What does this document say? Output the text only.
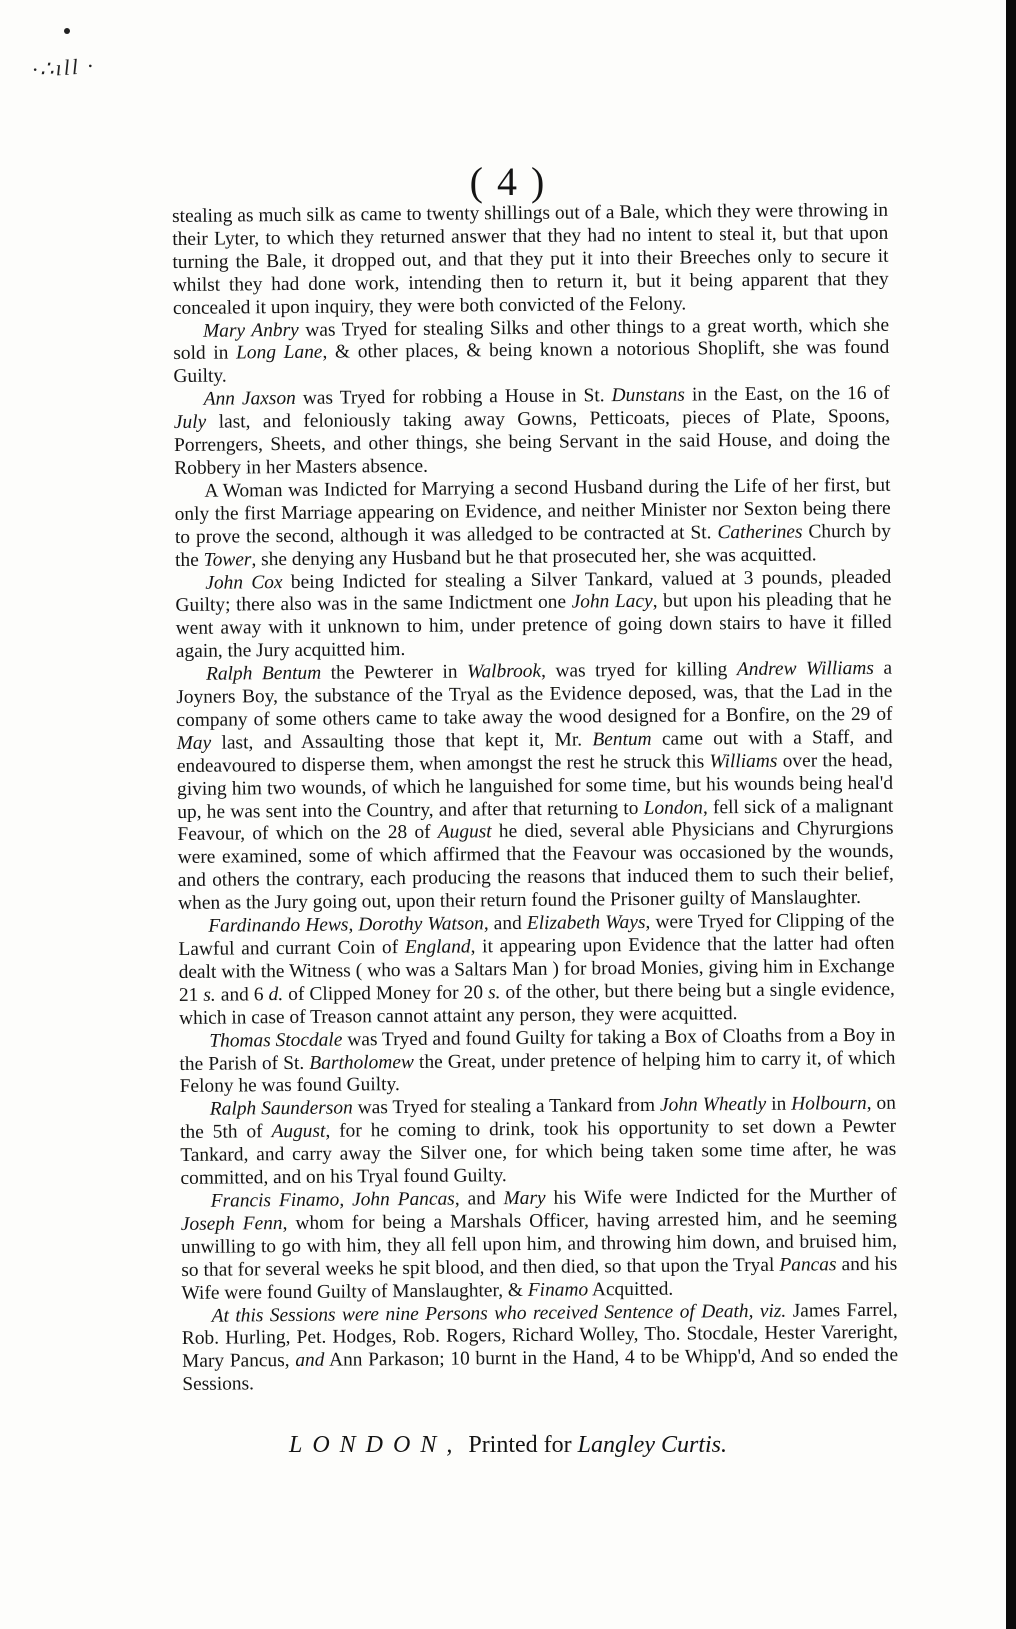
·∴ıll ·
( 4 )

stealing as much silk as came to twenty shillings out of a Bale, which they were throwing in their Lyter, to which they returned answer that they had no intent to steal it, but that upon turning the Bale, it dropped out, and that they put it into their Breeches only to secure it whilst they had done work, intending then to return it, but it being apparent that they concealed it upon inquiry, they were both convicted of the Felony.

Mary Anbry was Tryed for stealing Silks and other things to a great worth, which she sold in Long Lane, & other places, & being known a notorious Shoplift, she was found Guilty.

Ann Jaxson was Tryed for robbing a House in St. Dunstans in the East, on the 16 of July last, and feloniously taking away Gowns, Petticoats, pieces of Plate, Spoons, Porrengers, Sheets, and other things, she being Servant in the said House, and doing the Robbery in her Masters absence.

A Woman was Indicted for Marrying a second Husband during the Life of her first, but only the first Marriage appearing on Evidence, and neither Minister nor Sexton being there to prove the second, although it was alledged to be contracted at St. Catherines Church by the Tower, she denying any Husband but he that prosecuted her, she was acquitted.

John Cox being Indicted for stealing a Silver Tankard, valued at 3 pounds, pleaded Guilty; there also was in the same Indictment one John Lacy, but upon his pleading that he went away with it unknown to him, under pretence of going down stairs to have it filled again, the Jury acquitted him.

Ralph Bentum the Pewterer in Walbrook, was tryed for killing Andrew Williams a Joyners Boy, the substance of the Tryal as the Evidence deposed, was, that the Lad in the company of some others came to take away the wood designed for a Bonfire, on the 29 of May last, and Assaulting those that kept it, Mr. Bentum came out with a Staff, and endeavoured to disperse them, when amongst the rest he struck this Williams over the head, giving him two wounds, of which he languished for some time, but his wounds being heal'd up, he was sent into the Country, and after that returning to London, fell sick of a malignant Feavour, of which on the 28 of August he died, several able Physicians and Chyrurgions were examined, some of which affirmed that the Feavour was occasioned by the wounds, and others the contrary, each producing the reasons that induced them to such their belief, when as the Jury going out, upon their return found the Prisoner guilty of Manslaughter.

Fardinando Hews, Dorothy Watson, and Elizabeth Ways, were Tryed for Clipping of the Lawful and currant Coin of England, it appearing upon Evidence that the latter had often dealt with the Witness ( who was a Saltars Man ) for broad Monies, giving him in Exchange 21 s. and 6 d. of Clipped Money for 20 s. of the other, but there being but a single evidence, which in case of Treason cannot attaint any person, they were acquitted.

Thomas Stocdale was Tryed and found Guilty for taking a Box of Cloaths from a Boy in the Parish of St. Bartholomew the Great, under pretence of helping him to carry it, of which Felony he was found Guilty.

Ralph Saunderson was Tryed for stealing a Tankard from John Wheatly in Holbourn, on the 5th of August, for he coming to drink, took his opportunity to set down a Pewter Tankard, and carry away the Silver one, for which being taken some time after, he was committed, and on his Tryal found Guilty.

Francis Finamo, John Pancas, and Mary his Wife were Indicted for the Murther of Joseph Fenn, whom for being a Marshals Officer, having arrested him, and he seeming unwilling to go with him, they all fell upon him, and throwing him down, and bruised him, so that for several weeks he spit blood, and then died, so that upon the Tryal Pancas and his Wife were found Guilty of Manslaughter, & Finamo Acquitted.

At this Sessions were nine Persons who received Sentence of Death, viz. James Farrel, Rob. Hurling, Pet. Hodges, Rob. Rogers, Richard Wolley, Tho. Stocdale, Hester Vareright, Mary Pancus, and Ann Parkason; 10 burnt in the Hand, 4 to be Whipp'd, And so ended the Sessions.

LONDON, Printed for Langley Curtis.
